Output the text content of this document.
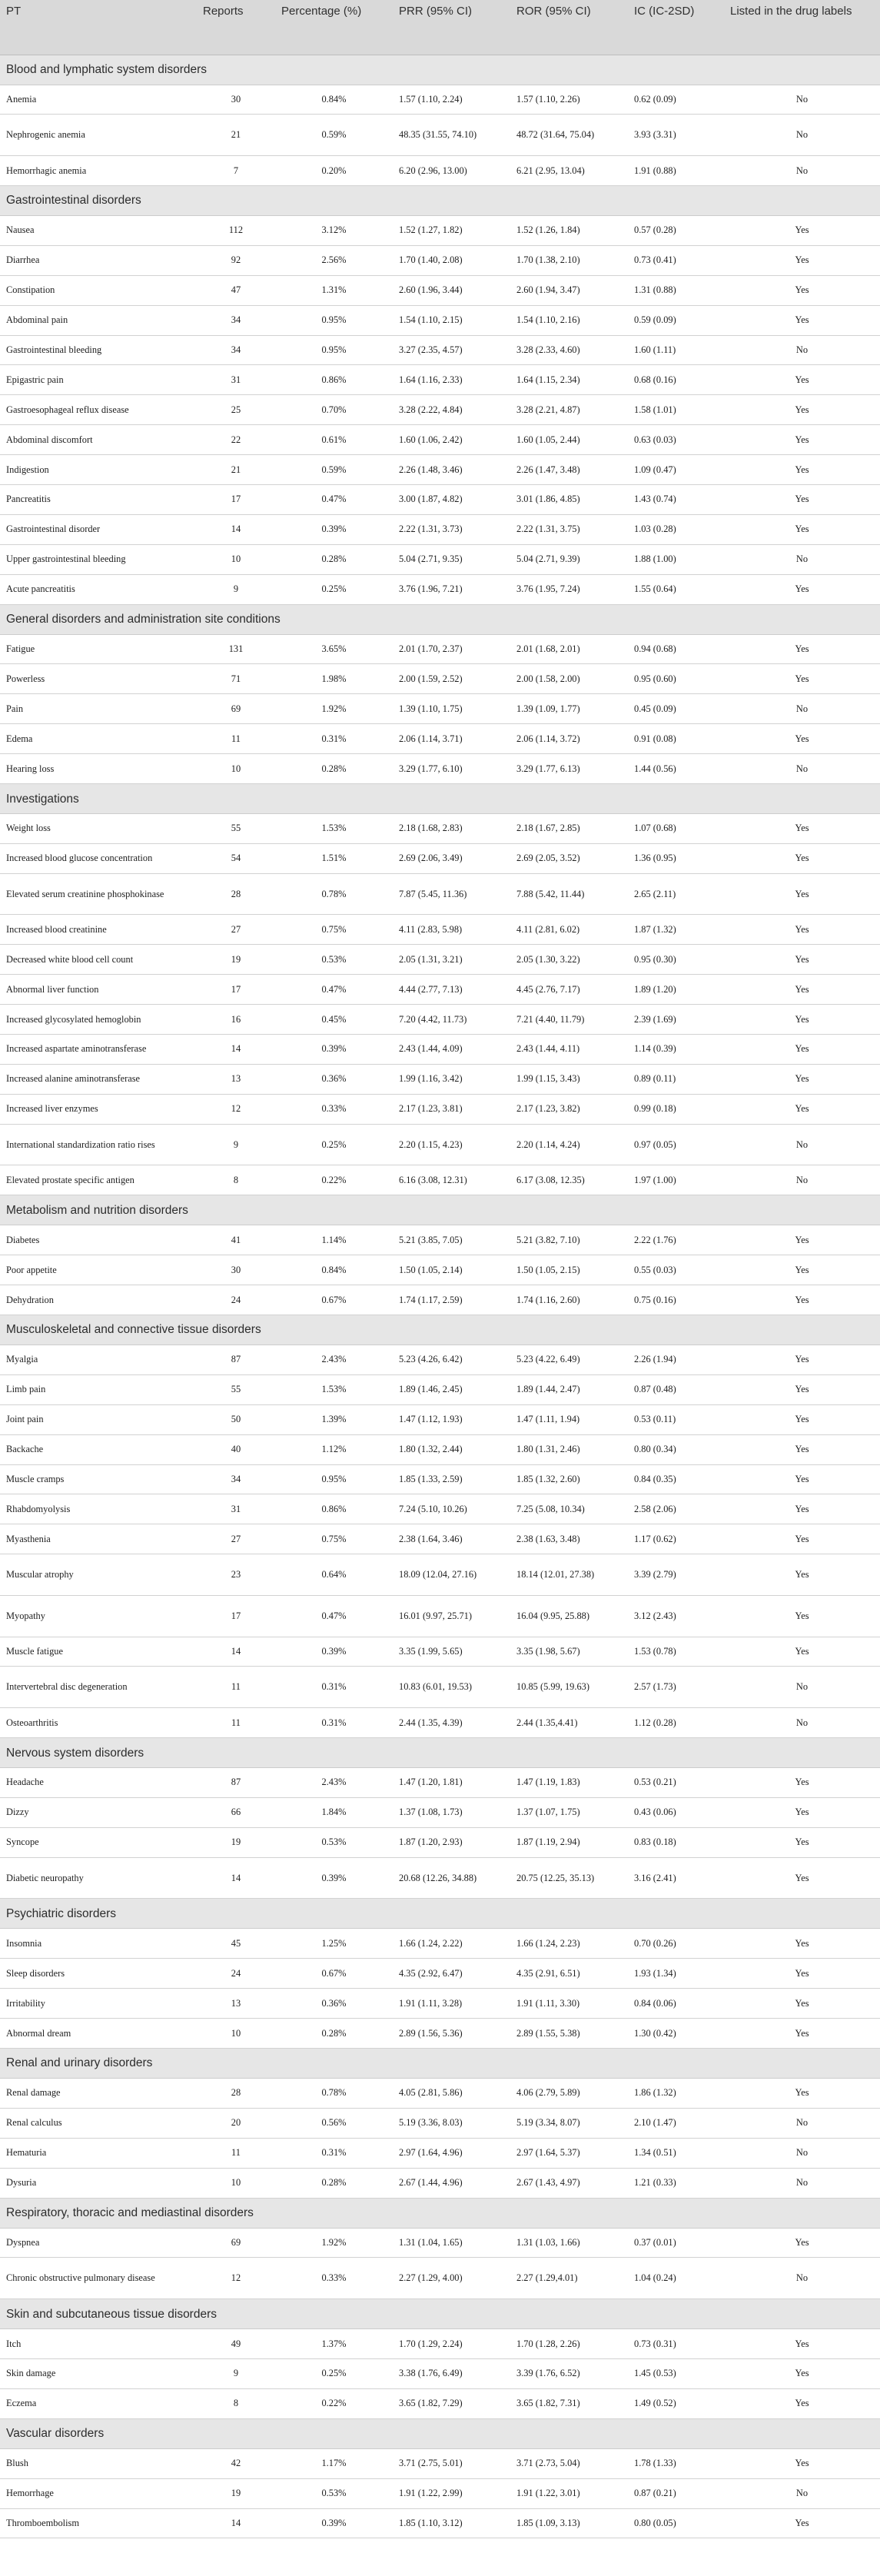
PT	Reports	Percentage (%)	PRR (95% CI)	ROR (95% CI)	IC (IC-2SD)	Listed in the drug labels
Blood and lymphatic system disorders						
Anemia	30	0.84%	1.57 (1.10, 2.24)	1.57 (1.10, 2.26)	0.62 (0.09)	No
Nephrogenic anemia	21	0.59%	48.35 (31.55, 74.10)	48.72 (31.64, 75.04)	3.93 (3.31)	No
Hemorrhagic anemia	7	0.20%	6.20 (2.96, 13.00)	6.21 (2.95, 13.04)	1.91 (0.88)	No
Gastrointestinal disorders						
Nausea	112	3.12%	1.52 (1.27, 1.82)	1.52 (1.26, 1.84)	0.57 (0.28)	Yes
Diarrhea	92	2.56%	1.70 (1.40, 2.08)	1.70 (1.38, 2.10)	0.73 (0.41)	Yes
Constipation	47	1.31%	2.60 (1.96, 3.44)	2.60 (1.94, 3.47)	1.31 (0.88)	Yes
Abdominal pain	34	0.95%	1.54 (1.10, 2.15)	1.54 (1.10, 2.16)	0.59 (0.09)	Yes
Gastrointestinal bleeding	34	0.95%	3.27 (2.35, 4.57)	3.28 (2.33, 4.60)	1.60 (1.11)	No
Epigastric pain	31	0.86%	1.64 (1.16, 2.33)	1.64 (1.15, 2.34)	0.68 (0.16)	Yes
Gastroesophageal reflux disease	25	0.70%	3.28 (2.22, 4.84)	3.28 (2.21, 4.87)	1.58 (1.01)	Yes
Abdominal discomfort	22	0.61%	1.60 (1.06, 2.42)	1.60 (1.05, 2.44)	0.63 (0.03)	Yes
Indigestion	21	0.59%	2.26 (1.48, 3.46)	2.26 (1.47, 3.48)	1.09 (0.47)	Yes
Pancreatitis	17	0.47%	3.00 (1.87, 4.82)	3.01 (1.86, 4.85)	1.43 (0.74)	Yes
Gastrointestinal disorder	14	0.39%	2.22 (1.31, 3.73)	2.22 (1.31, 3.75)	1.03 (0.28)	Yes
Upper gastrointestinal bleeding	10	0.28%	5.04 (2.71, 9.35)	5.04 (2.71, 9.39)	1.88 (1.00)	No
Acute pancreatitis	9	0.25%	3.76 (1.96, 7.21)	3.76 (1.95, 7.24)	1.55 (0.64)	Yes
General disorders and administration site conditions						
Fatigue	131	3.65%	2.01 (1.70, 2.37)	2.01 (1.68, 2.01)	0.94 (0.68)	Yes
Powerless	71	1.98%	2.00 (1.59, 2.52)	2.00 (1.58, 2.00)	0.95 (0.60)	Yes
Pain	69	1.92%	1.39 (1.10, 1.75)	1.39 (1.09, 1.77)	0.45 (0.09)	No
Edema	11	0.31%	2.06 (1.14, 3.71)	2.06 (1.14, 3.72)	0.91 (0.08)	Yes
Hearing loss	10	0.28%	3.29 (1.77, 6.10)	3.29 (1.77, 6.13)	1.44 (0.56)	No
Investigations						
Weight loss	55	1.53%	2.18 (1.68, 2.83)	2.18 (1.67, 2.85)	1.07 (0.68)	Yes
Increased blood glucose concentration	54	1.51%	2.69 (2.06, 3.49)	2.69 (2.05, 3.52)	1.36 (0.95)	Yes
Elevated serum creatinine phosphokinase	28	0.78%	7.87 (5.45, 11.36)	7.88 (5.42, 11.44)	2.65 (2.11)	Yes
Increased blood creatinine	27	0.75%	4.11 (2.83, 5.98)	4.11 (2.81, 6.02)	1.87 (1.32)	Yes
Decreased white blood cell count	19	0.53%	2.05 (1.31, 3.21)	2.05 (1.30, 3.22)	0.95 (0.30)	Yes
Abnormal liver function	17	0.47%	4.44 (2.77, 7.13)	4.45 (2.76, 7.17)	1.89 (1.20)	Yes
Increased glycosylated hemoglobin	16	0.45%	7.20 (4.42, 11.73)	7.21 (4.40, 11.79)	2.39 (1.69)	Yes
Increased aspartate aminotransferase	14	0.39%	2.43 (1.44, 4.09)	2.43 (1.44, 4.11)	1.14 (0.39)	Yes
Increased alanine aminotransferase	13	0.36%	1.99 (1.16, 3.42)	1.99 (1.15, 3.43)	0.89 (0.11)	Yes
Increased liver enzymes	12	0.33%	2.17 (1.23, 3.81)	2.17 (1.23, 3.82)	0.99 (0.18)	Yes
International standardization ratio rises	9	0.25%	2.20 (1.15, 4.23)	2.20 (1.14, 4.24)	0.97 (0.05)	No
Elevated prostate specific antigen	8	0.22%	6.16 (3.08, 12.31)	6.17 (3.08, 12.35)	1.97 (1.00)	No
Metabolism and nutrition disorders						
Diabetes	41	1.14%	5.21 (3.85, 7.05)	5.21 (3.82, 7.10)	2.22 (1.76)	Yes
Poor appetite	30	0.84%	1.50 (1.05, 2.14)	1.50 (1.05, 2.15)	0.55 (0.03)	Yes
Dehydration	24	0.67%	1.74 (1.17, 2.59)	1.74 (1.16, 2.60)	0.75 (0.16)	Yes
Musculoskeletal and connective tissue disorders						
Myalgia	87	2.43%	5.23 (4.26, 6.42)	5.23 (4.22, 6.49)	2.26 (1.94)	Yes
Limb pain	55	1.53%	1.89 (1.46, 2.45)	1.89 (1.44, 2.47)	0.87 (0.48)	Yes
Joint pain	50	1.39%	1.47 (1.12, 1.93)	1.47 (1.11, 1.94)	0.53 (0.11)	Yes
Backache	40	1.12%	1.80 (1.32, 2.44)	1.80 (1.31, 2.46)	0.80 (0.34)	Yes
Muscle cramps	34	0.95%	1.85 (1.33, 2.59)	1.85 (1.32, 2.60)	0.84 (0.35)	Yes
Rhabdomyolysis	31	0.86%	7.24 (5.10, 10.26)	7.25 (5.08, 10.34)	2.58 (2.06)	Yes
Myasthenia	27	0.75%	2.38 (1.64, 3.46)	2.38 (1.63, 3.48)	1.17 (0.62)	Yes
Muscular atrophy	23	0.64%	18.09 (12.04, 27.16)	18.14 (12.01, 27.38)	3.39 (2.79)	Yes
Myopathy	17	0.47%	16.01 (9.97, 25.71)	16.04 (9.95, 25.88)	3.12 (2.43)	Yes
Muscle fatigue	14	0.39%	3.35 (1.99, 5.65)	3.35 (1.98, 5.67)	1.53 (0.78)	Yes
Intervertebral disc degeneration	11	0.31%	10.83 (6.01, 19.53)	10.85 (5.99, 19.63)	2.57 (1.73)	No
Osteoarthritis	11	0.31%	2.44 (1.35, 4.39)	2.44 (1.35,4.41)	1.12 (0.28)	No
Nervous system disorders						
Headache	87	2.43%	1.47 (1.20, 1.81)	1.47 (1.19, 1.83)	0.53 (0.21)	Yes
Dizzy	66	1.84%	1.37 (1.08, 1.73)	1.37 (1.07, 1.75)	0.43 (0.06)	Yes
Syncope	19	0.53%	1.87 (1.20, 2.93)	1.87 (1.19, 2.94)	0.83 (0.18)	Yes
Diabetic neuropathy	14	0.39%	20.68 (12.26, 34.88)	20.75 (12.25, 35.13)	3.16 (2.41)	Yes
Psychiatric disorders						
Insomnia	45	1.25%	1.66 (1.24, 2.22)	1.66 (1.24, 2.23)	0.70 (0.26)	Yes
Sleep disorders	24	0.67%	4.35 (2.92, 6.47)	4.35 (2.91, 6.51)	1.93 (1.34)	Yes
Irritability	13	0.36%	1.91 (1.11, 3.28)	1.91 (1.11, 3.30)	0.84 (0.06)	Yes
Abnormal dream	10	0.28%	2.89 (1.56, 5.36)	2.89 (1.55, 5.38)	1.30 (0.42)	Yes
Renal and urinary disorders						
Renal damage	28	0.78%	4.05 (2.81, 5.86)	4.06 (2.79, 5.89)	1.86 (1.32)	Yes
Renal calculus	20	0.56%	5.19 (3.36, 8.03)	5.19 (3.34, 8.07)	2.10 (1.47)	No
Hematuria	11	0.31%	2.97 (1.64, 4.96)	2.97 (1.64, 5.37)	1.34 (0.51)	No
Dysuria	10	0.28%	2.67 (1.44, 4.96)	2.67 (1.43, 4.97)	1.21 (0.33)	No
Respiratory, thoracic and mediastinal disorders						
Dyspnea	69	1.92%	1.31 (1.04, 1.65)	1.31 (1.03, 1.66)	0.37 (0.01)	Yes
Chronic obstructive pulmonary disease	12	0.33%	2.27 (1.29, 4.00)	2.27 (1.29,4.01)	1.04 (0.24)	No
Skin and subcutaneous tissue disorders						
Itch	49	1.37%	1.70 (1.29, 2.24)	1.70 (1.28, 2.26)	0.73 (0.31)	Yes
Skin damage	9	0.25%	3.38 (1.76, 6.49)	3.39 (1.76, 6.52)	1.45 (0.53)	Yes
Eczema	8	0.22%	3.65 (1.82, 7.29)	3.65 (1.82, 7.31)	1.49 (0.52)	Yes
Vascular disorders						
Blush	42	1.17%	3.71 (2.75, 5.01)	3.71 (2.73, 5.04)	1.78 (1.33)	Yes
Hemorrhage	19	0.53%	1.91 (1.22, 2.99)	1.91 (1.22, 3.01)	0.87 (0.21)	No
Thromboembolism	14	0.39%	1.85 (1.10, 3.12)	1.85 (1.09, 3.13)	0.80 (0.05)	Yes
